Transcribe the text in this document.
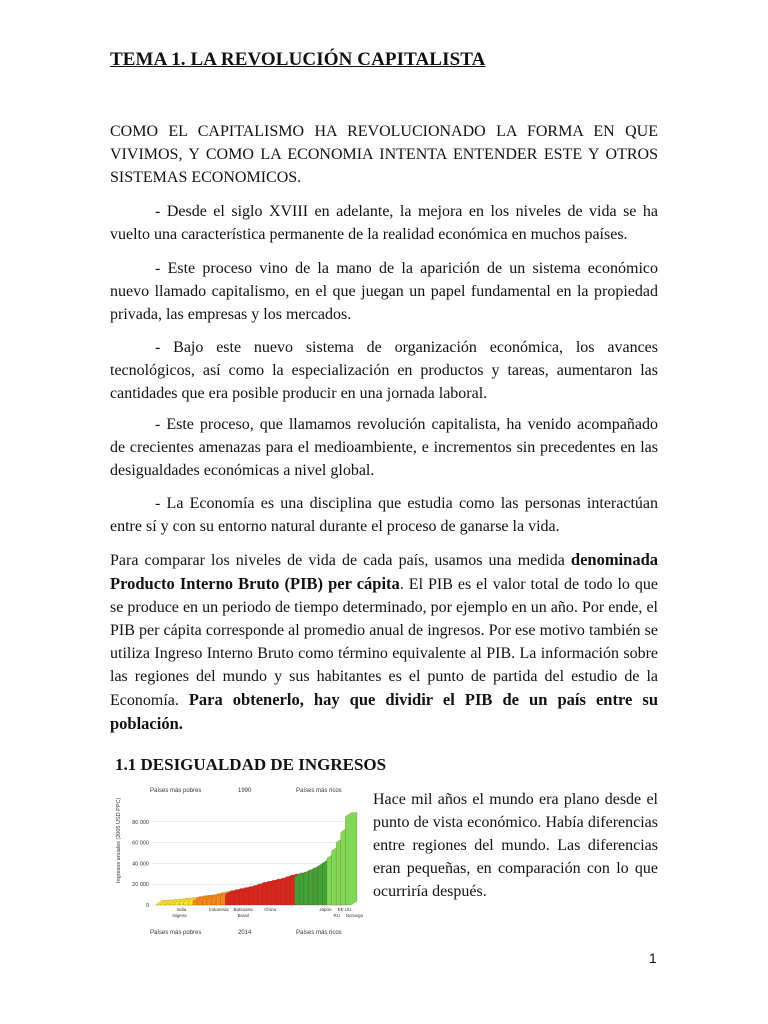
TEMA 1. LA REVOLUCIÓN CAPITALISTA

COMO EL CAPITALISMO HA REVOLUCIONADO LA FORMA EN QUE VIVIMOS, Y COMO LA ECONOMIA INTENTA ENTENDER ESTE Y OTROS SISTEMAS ECONOMICOS.

- Desde el siglo XVIII en adelante, la mejora en los niveles de vida se ha vuelto una característica permanente de la realidad económica en muchos países.

- Este proceso vino de la mano de la aparición de un sistema económico nuevo llamado capitalismo, en el que juegan un papel fundamental en la propiedad privada, las empresas y los mercados.

- Bajo este nuevo sistema de organización económica, los avances tecnológicos, así como la especialización en productos y tareas, aumentaron las cantidades que era posible producir en una jornada laboral.

- Este proceso, que llamamos revolución capitalista, ha venido acompañado de crecientes amenazas para el medioambiente, e incrementos sin precedentes en las desigualdades económicas a nivel global.

- La Economía es una disciplina que estudia como las personas interactúan entre sí y con su entorno natural durante el proceso de ganarse la vida.

Para comparar los niveles de vida de cada país, usamos una medida denominada Producto Interno Bruto (PIB) per cápita. El PIB es el valor total de todo lo que se produce en un periodo de tiempo determinado, por ejemplo en un año. Por ende, el PIB per cápita corresponde al promedio anual de ingresos. Por ese motivo también se utiliza Ingreso Interno Bruto como término equivalente al PIB. La información sobre las regiones del mundo y sus habitantes es el punto de partida del estudio de la Economía. Para obtenerlo, hay que dividir el PIB de un país entre su población.

1.1 DESIGUALDAD DE INGRESOS
Países más pobres	1990	Países más ricos
Ingresos anuales (2005 USD PPC) 80 000
60 000
40 000
20 000
0
India
Nigeria
Indonesia Botsuana
Brasil
China	Japón
RU
EE.UU.
Noruega
Países más pobres	2014	Países más ricos

Hace mil años el mundo era plano desde el punto de vista económico. Había diferencias entre regiones del mundo. Las diferencias eran pequeñas, en comparación con lo que ocurriría después.

1
